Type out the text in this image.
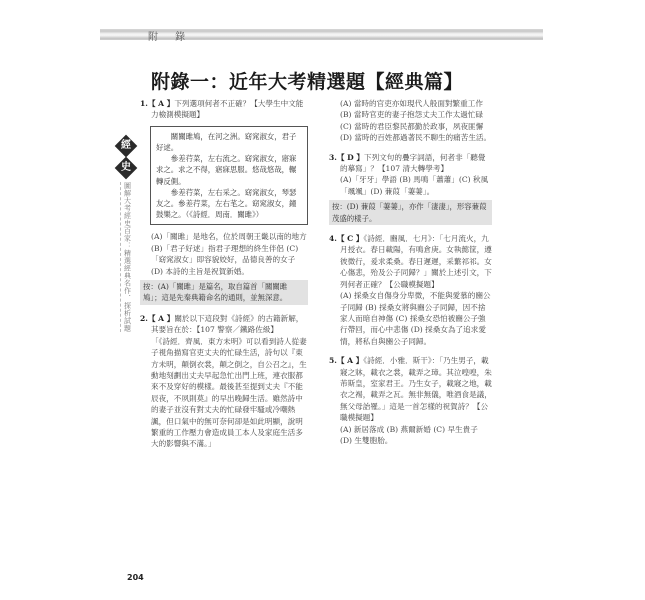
附 錄
附錄一：近年大考精選題【經典篇】
經
史
圖解大考經史百家：精選經典名作．探析試題
1.【 A 】下列選項何者不正確？【大學生中文能力檢測模擬題】

關關雎鳩，在河之洲。窈窕淑女，君子好逑。

參差荇菜，左右流之。窈窕淑女，寤寐求之。求之不得，寤寐思服。悠哉悠哉，輾轉反側。

參差荇菜，左右采之。窈窕淑女，琴瑟友之。參差荇菜，左右芼之。窈窕淑女，鐘鼓樂之。（《詩經．周南．關雎》）

(A)「關雎」是地名，位於周朝王畿以南的地方 (B)「君子好逑」指君子理想的終生伴侶 (C)「窈窕淑女」即容貌姣好，品德良善的女子 (D) 本詩的主旨是祝賀新婚。
按：(A)「關雎」是篇名，取自篇首「關關雎鳩」；這是先秦典籍命名的通則，並無深意。
2.【 A 】關於以下這段對《詩經》的古籍新解，其要旨在於：【107 警察／鐵路佐級】
「《詩經．齊風．東方未明》可以看到詩人從妻子視角描寫官吏丈夫的忙碌生活，詩句以『東方未明，顛倒衣裳，顛之倒之，自公召之』，生動地刻劃出丈夫早起急忙出門上班，連衣服都來不及穿好的模樣。最後甚至提到丈夫『不能辰夜，不夙則莫』的早出晚歸生活。雖然詩中的妻子並沒有對丈夫的忙碌發牢騷或冷嘲熱諷，但口氣中的無可奈何卻是如此明顯，說明繁重的工作壓力會造成員工本人及家庭生活多大的影響與不滿。」
(A) 當時的官吏亦如現代人般面對繁重工作 (B) 當時官吏的妻子抱怨丈夫工作太過忙碌 (C) 當時的君臣黎民都勤於政事，夙夜匪懈 (D) 當時的百姓都過著民不聊生的痛苦生活。
3.【 D 】下列文句的疊字詞語，何者非「聽覺的摹寫」？【107 清大轉學考】
(A)「牙牙」學語 (B) 馬鳴「蕭蕭」(C) 秋風「颯颯」(D) 蒹葭「萋萋」。
按：(D) 蒹葭「萋萋」，亦作「淒淒」，形容蒹葭茂盛的樣子。
4.【 C 】《詩經．豳風．七月》：「七月流火，九月授衣。春日載陽，有鳴倉庚。女執懿筐，遵彼微行，爰求柔桑。春日遲遲，采蘩祁祁。女心傷悲，殆及公子同歸？」關於上述引文，下列何者正確？【公職模擬題】
(A) 採桑女自傷身分卑微，不能與愛慕的豳公子同歸 (B) 採桑女將與豳公子同歸，因不捨家人而暗自神傷 (C) 採桑女恐怕被豳公子強行帶回，而心中悲傷 (D) 採桑女為了追求愛情，將私自與豳公子同歸。
5.【 A 】《詩經．小雅．斯干》：「乃生男子，載寢之牀，載衣之裳，載弄之璋。其泣喤喤，朱芾斯皇，室家君王。乃生女子，載寢之地，載衣之裼，載弄之瓦。無非無儀，唯酒食是議，無父母詒罹。」這是一首怎樣的祝賀詩？【公職模擬題】
(A) 新居落成 (B) 燕爾新婚 (C) 早生貴子 (D) 生雙胞胎。
204
